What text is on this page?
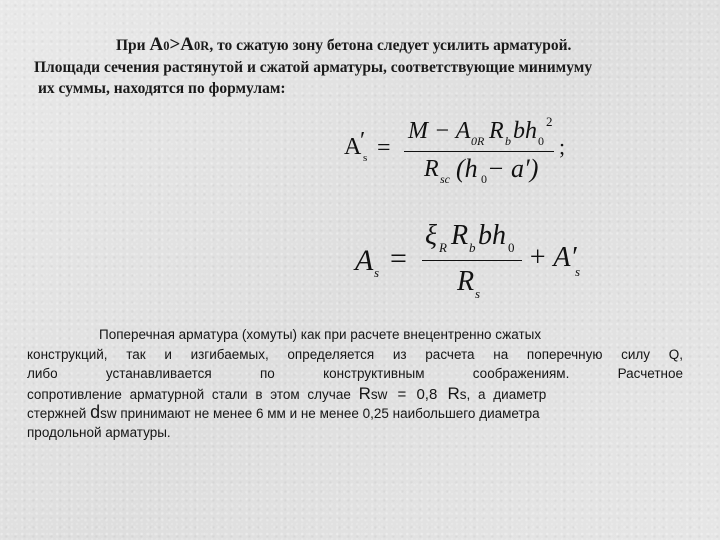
При A0>A0R, то сжатую зону бетона следует усилить арматурой.
Площади сечения растянутой и сжатой арматуры, соответствующие минимуму
их суммы, находятся по формулам:
A
′
s =
M − A 0R R b bh 0
2
R sc (h 0 − a′)
;
A s =
ξ R R b bh 0
R s
+ A′
s
Поперечная арматура (хомуты) как при расчете внецентренно сжатых
конструкций, так и изгибаемых, определяется из расчета на поперечную силу Q,
либо устанавливается по конструктивным соображениям. Расчетное
сопротивление арматурной стали в этом случае Rsw = 0,8 Rs, а диаметр
стержней dsw принимают не менее 6 мм и не менее 0,25 наибольшего диаметра
продольной арматуры.
